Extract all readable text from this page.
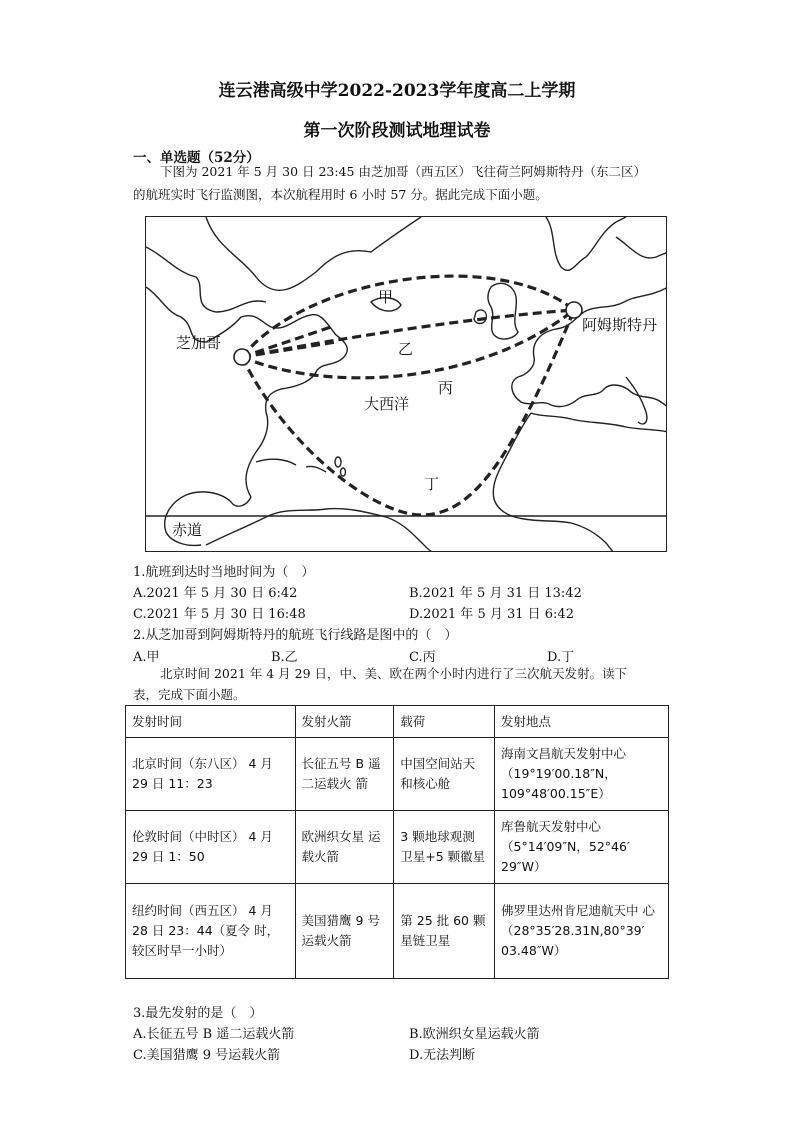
连云港高级中学2022-2023学年度高二上学期
第一次阶段测试地理试卷
一、单选题（52分）
下图为 2021 年 5 月 30 日 23:45 由芝加哥（西五区）飞往荷兰阿姆斯特丹（东二区）
的航班实时飞行监测图，本次航程用时 6 小时 57 分。据此完成下面小题。
芝加哥
阿姆斯特丹
大西洋
赤道
甲
乙
丙
丁
1.航班到达时当地时间为（　）
A.2021 年 5 月 30 日 6:42	B.2021 年 5 月 31 日 13:42
C.2021 年 5 月 30 日 16:48	D.2021 年 5 月 31 日 6:42
2.从芝加哥到阿姆斯特丹的航班飞行线路是图中的（　）
A.甲	B.乙	C.丙	D.丁
北京时间 2021 年 4 月 29 日，中、美、欧在两个小时内进行了三次航天发射。读下
表，完成下面小题。
发射时间	发射火箭	载荷	发射地点
北京时间（东八区） 4 月 29 日 11：23	长征五号 B 遥二运载火 箭	中国空间站天 和核心舱	海南文昌航天发射中心 （19°19′00.18″N， 109°48′00.15″E）
伦敦时间（中时区） 4 月 29 日 1：50	欧洲织女星 运载火箭	3 颗地球观测 卫星+5 颗徽星	库鲁航天发射中心 （5°14′09″N，52°46′ 29″W）
纽约时间（西五区） 4 月 28 日 23：44（夏令 时，较区时早一小时）	美国猎鹰 9 号 运载火箭	第 25 批 60 颗 星链卫星	佛罗里达州肯尼迪航天中 心 （28°35′28.31N,80°39′ 03.48″W）
3.最先发射的是（　）
A.长征五号 B 遥二运载火箭	B.欧洲织女星运载火箭
C.美国猎鹰 9 号运载火箭	D.无法判断
